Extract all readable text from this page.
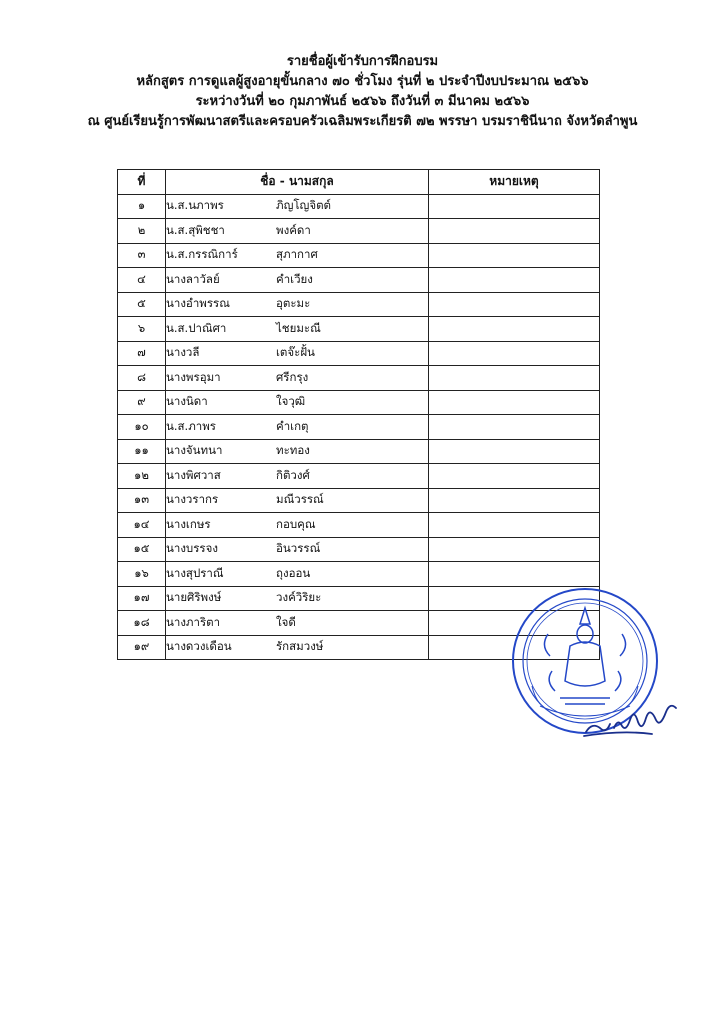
รายชื่อผู้เข้ารับการฝึกอบรม
หลักสูตร การดูแลผู้สูงอายุขั้นกลาง ๗๐ ชั่วโมง รุ่นที่ ๒ ประจำปีงบประมาณ ๒๕๖๖
ระหว่างวันที่ ๒๐ กุมภาพันธ์ ๒๕๖๖ ถึงวันที่ ๓ มีนาคม ๒๕๖๖
ณ ศูนย์เรียนรู้การพัฒนาสตรีและครอบครัวเฉลิมพระเกียรติ ๗๒ พรรษา บรมราชินีนาถ จังหวัดลำพูน
ที่	ชื่อ - นามสกุล	หมายเหตุ
๑	น.ส.นภาพร ภิญโญจิตต์	
๒	น.ส.สุพิชชา พงค์ดา	
๓	น.ส.กรรณิการ์ สุภากาศ	
๔	นางลาวัลย์ คำเวียง	
๕	นางอำพรรณ อุตะมะ	
๖	น.ส.ปาณิศา ไชยมะณี	
๗	นางวลี เตจ๊ะฝั้น	
๘	นางพรอุมา ศรีกรุง	
๙	นางนิดา ใจวุฒิ	
๑๐	น.ส.ภาพร คำเกตุ	
๑๑	นางจันทนา ทะทอง	
๑๒	นางพิศวาส กิติวงศ์	
๑๓	นางวรากร มณีวรรณ์	
๑๔	นางเกษร กอบคุณ	
๑๕	นางบรรจง อินวรรณ์	
๑๖	นางสุปราณี ถุงออน	
๑๗	นายศิริพงษ์ วงค์วิริยะ	
๑๘	นางภาริตา ใจดี	
๑๙	นางดวงเดือน รักสมวงษ์	
